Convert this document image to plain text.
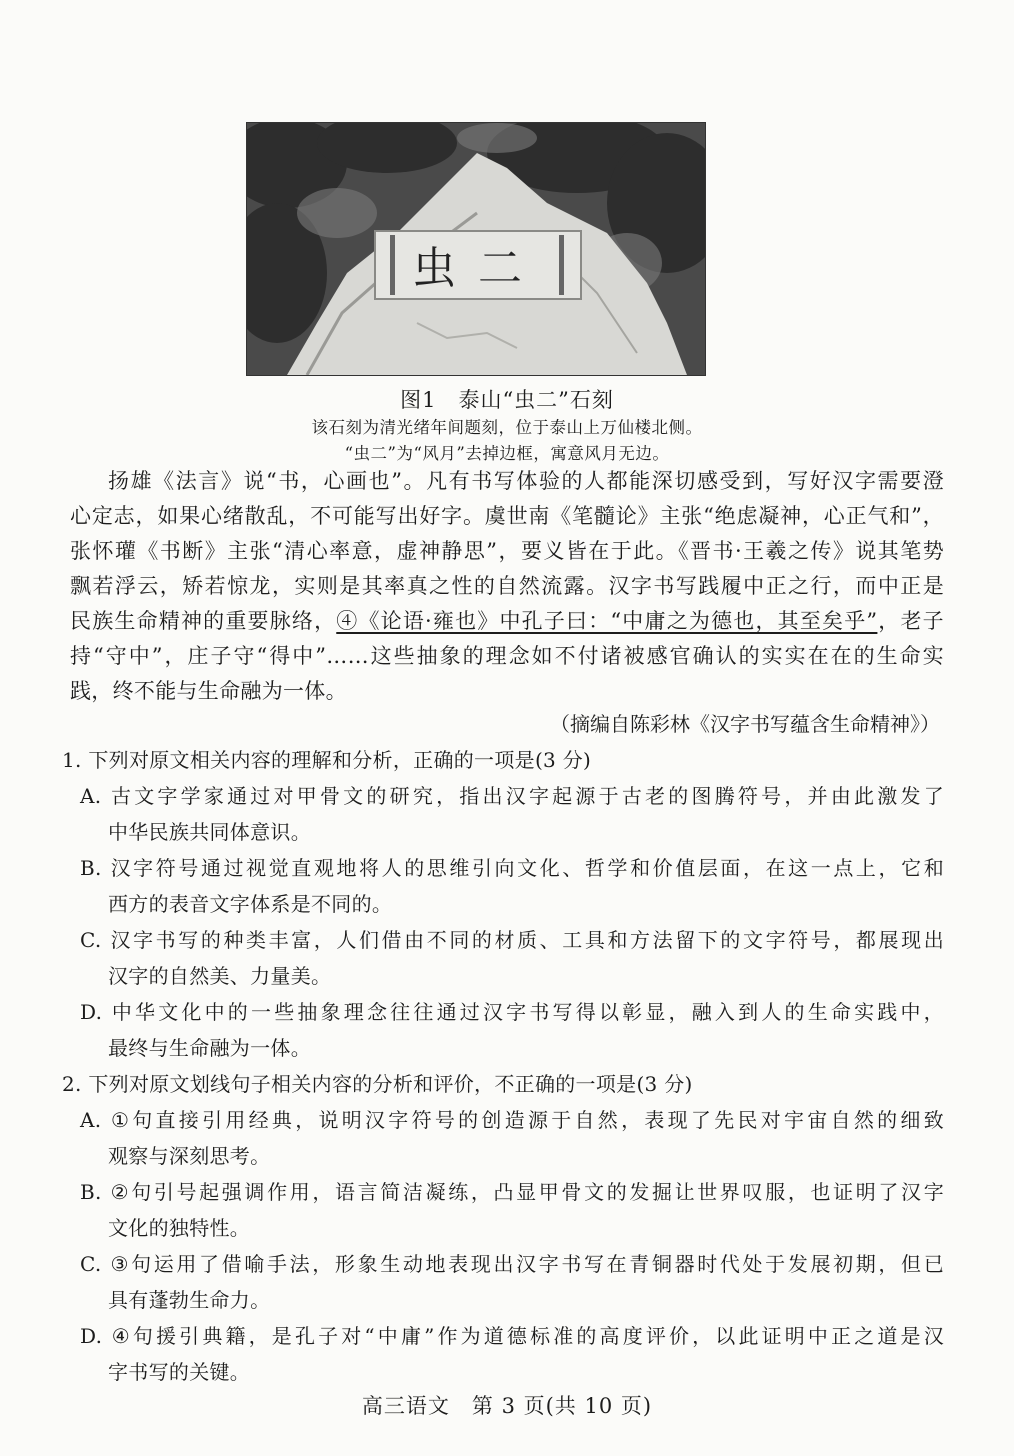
虫二
图1　泰山“虫二”石刻
该石刻为清光绪年间题刻，位于泰山上万仙楼北侧。
“虫二”为“风月”去掉边框，寓意风月无边。
扬雄《法言》说“书，心画也”。凡有书写体验的人都能深切感受到，写好汉字需要澄
心定志，如果心绪散乱，不可能写出好字。虞世南《笔髓论》主张“绝虑凝神，心正气和”，
张怀瓘《书断》主张“清心率意，虚神静思”，要义皆在于此。《晋书·王羲之传》说其笔势
飘若浮云，矫若惊龙，实则是其率真之性的自然流露。汉字书写践履中正之行，而中正是
民族生命精神的重要脉络，④《论语·雍也》中孔子曰：“中庸之为德也，其至矣乎”，老子
持“守中”，庄子守“得中”……这些抽象的理念如不付诸被感官确认的实实在在的生命实
践，终不能与生命融为一体。
（摘编自陈彩林《汉字书写蕴含生命精神》）
1. 下列对原文相关内容的理解和分析，正确的一项是(3 分)
A. 古文字学家通过对甲骨文的研究，指出汉字起源于古老的图腾符号，并由此激发了
中华民族共同体意识。
B. 汉字符号通过视觉直观地将人的思维引向文化、哲学和价值层面，在这一点上，它和
西方的表音文字体系是不同的。
C. 汉字书写的种类丰富，人们借由不同的材质、工具和方法留下的文字符号，都展现出
汉字的自然美、力量美。
D. 中华文化中的一些抽象理念往往通过汉字书写得以彰显，融入到人的生命实践中，
最终与生命融为一体。
2. 下列对原文划线句子相关内容的分析和评价，不正确的一项是(3 分)
A. ①句直接引用经典，说明汉字符号的创造源于自然，表现了先民对宇宙自然的细致
观察与深刻思考。
B. ②句引号起强调作用，语言简洁凝练，凸显甲骨文的发掘让世界叹服，也证明了汉字
文化的独特性。
C. ③句运用了借喻手法，形象生动地表现出汉字书写在青铜器时代处于发展初期，但已
具有蓬勃生命力。
D. ④句援引典籍，是孔子对“中庸”作为道德标准的高度评价，以此证明中正之道是汉
字书写的关键。
高三语文　第 3 页(共 10 页)
